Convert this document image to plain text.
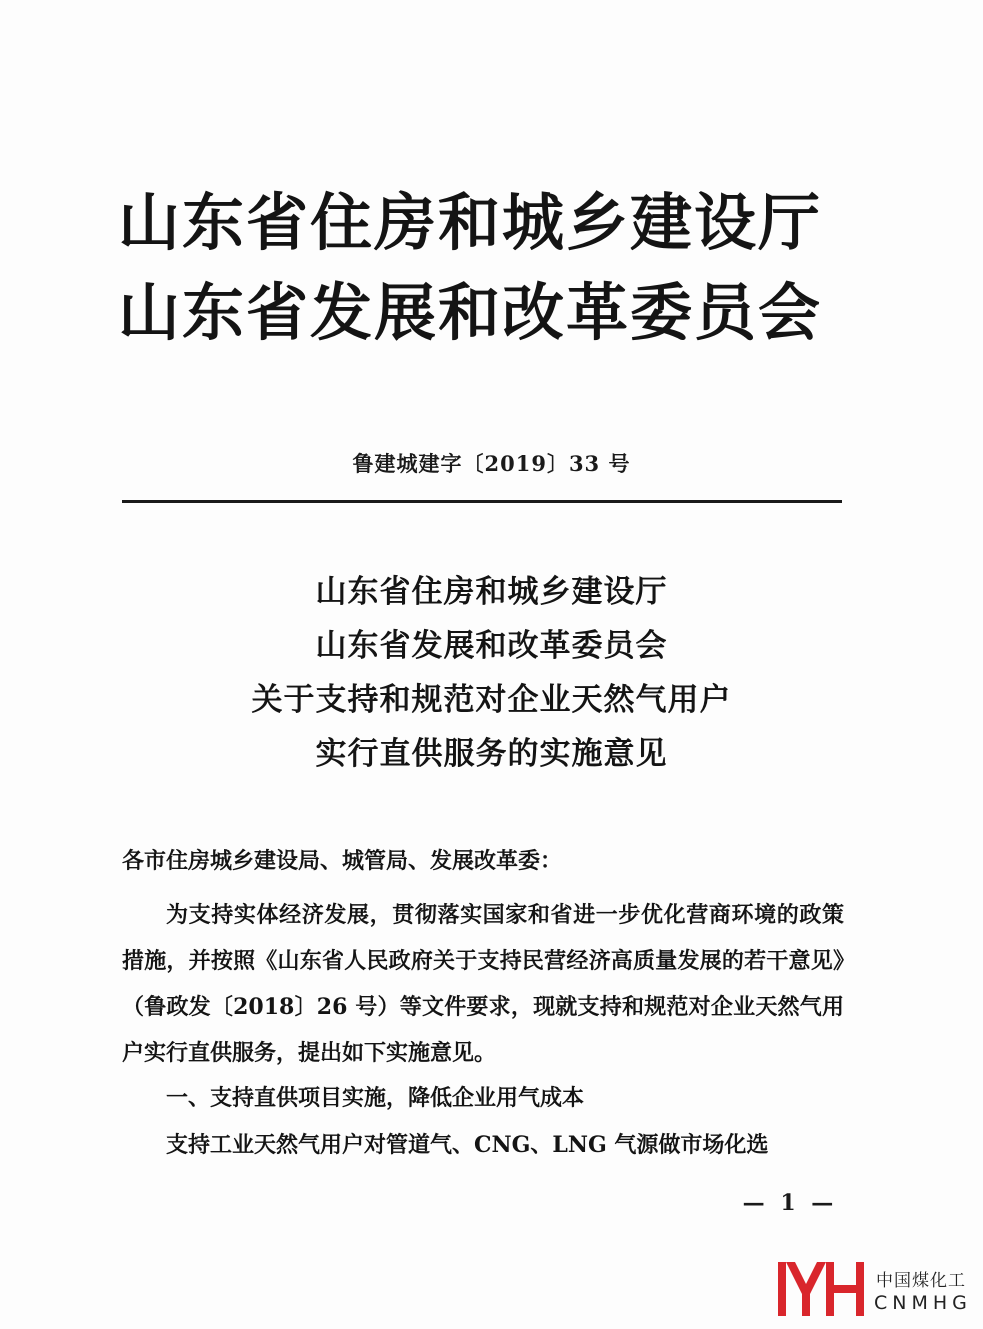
山东省住房和城乡建设厅
山东省发展和改革委员会
鲁建城建字〔2019〕33 号
山东省住房和城乡建设厅
山东省发展和改革委员会
关于支持和规范对企业天然气用户
实行直供服务的实施意见

各市住房城乡建设局、城管局、发展改革委：

为支持实体经济发展，贯彻落实国家和省进一步优化营商环境的政策措施，并按照《山东省人民政府关于支持民营经济高质量发展的若干意见》（鲁政发〔2018〕26 号）等文件要求，现就支持和规范对企业天然气用户实行直供服务，提出如下实施意见。

一、支持直供项目实施，降低企业用气成本

支持工业天然气用户对管道气、CNG、LNG 气源做市场化选

— 1 —
中国煤化工
CNMHG
